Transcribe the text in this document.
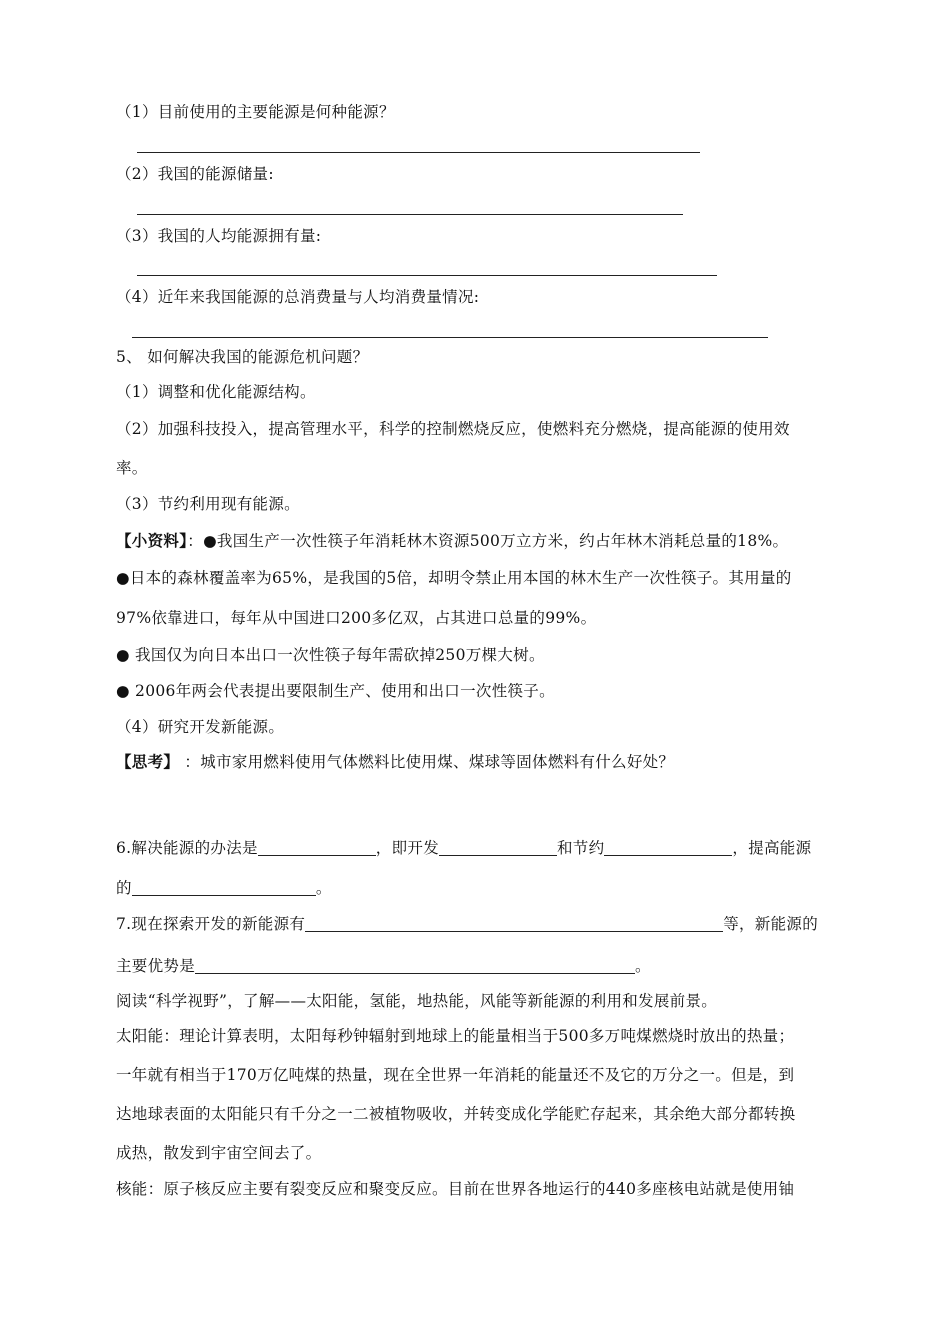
（1）目前使用的主要能源是何种能源？
（2）我国的能源储量:
（3）我国的人均能源拥有量:
（4）近年来我国能源的总消费量与人均消费量情况:
5、 如何解决我国的能源危机问题？
（1）调整和优化能源结构。
（2）加强科技投入，提高管理水平，科学的控制燃烧反应，使燃料充分燃烧，提高能源的使用效
率。
（3）节约利用现有能源。
【小资料】：●我国生产一次性筷子年消耗林木资源500万立方米，约占年林木消耗总量的18%。
●日本的森林覆盖率为65%，是我国的5倍，却明令禁止用本国的林木生产一次性筷子。其用量的
97%依靠进口，每年从中国进口200多亿双，占其进口总量的99%。
● 我国仅为向日本出口一次性筷子每年需砍掉250万棵大树。
● 2006年两会代表提出要限制生产、使用和出口一次性筷子。
（4）研究开发新能源。
【思考】 ：城市家用燃料使用气体燃料比使用煤、煤球等固体燃料有什么好处？
6.解决能源的办法是	，即开发	和节约	，提高能源
的	。
7.现在探索开发的新能源有	等，新能源的
主要优势是	。
阅读“科学视野”，了解——太阳能，氢能，地热能，风能等新能源的利用和发展前景。
太阳能：理论计算表明，太阳每秒钟辐射到地球上的能量相当于500多万吨煤燃烧时放出的热量；
一年就有相当于170万亿吨煤的热量，现在全世界一年消耗的能量还不及它的万分之一。但是，到
达地球表面的太阳能只有千分之一二被植物吸收，并转变成化学能贮存起来，其余绝大部分都转换
成热，散发到宇宙空间去了。
核能：原子核反应主要有裂变反应和聚变反应。目前在世界各地运行的440多座核电站就是使用铀
